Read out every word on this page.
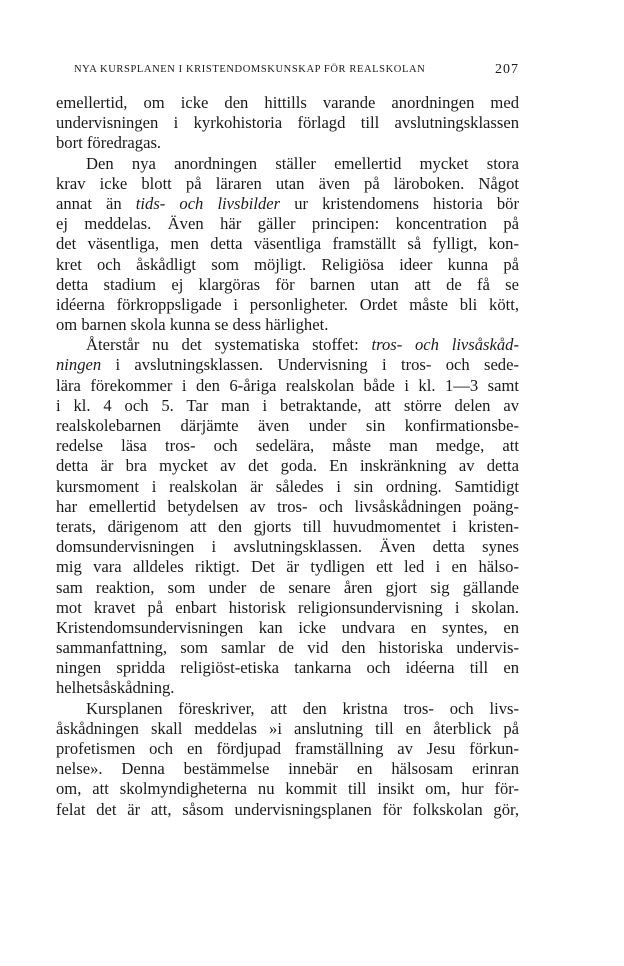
NYA KURSPLANEN I KRISTENDOMSKUNSKAP FÖR REALSKOLAN	207
emellertid, om icke den hittills varande anordningen med
undervisningen i kyrkohistoria förlagd till avslutningsklassen
bort föredragas.
Den nya anordningen ställer emellertid mycket stora
krav icke blott på läraren utan även på läroboken. Något
annat än tids- och livsbilder ur kristendomens historia bör
ej meddelas. Även här gäller principen: koncentration på
det väsentliga, men detta väsentliga framställt så fylligt, kon-
kret och åskådligt som möjligt. Religiösa ideer kunna på
detta stadium ej klargöras för barnen utan att de få se
idéerna förkroppsligade i personligheter. Ordet måste bli kött,
om barnen skola kunna se dess härlighet.
Återstår nu det systematiska stoffet: tros- och livsåskåd-
ningen i avslutningsklassen. Undervisning i tros- och sede-
lära förekommer i den 6-åriga realskolan både i kl. 1—3 samt
i kl. 4 och 5. Tar man i betraktande, att större delen av
realskolebarnen därjämte även under sin konfirmationsbe-
redelse läsa tros- och sedelära, måste man medge, att
detta är bra mycket av det goda. En inskränkning av detta
kursmoment i realskolan är således i sin ordning. Samtidigt
har emellertid betydelsen av tros- och livsåskådningen poäng-
terats, därigenom att den gjorts till huvudmomentet i kristen-
domsundervisningen i avslutningsklassen. Även detta synes
mig vara alldeles riktigt. Det är tydligen ett led i en hälso-
sam reaktion, som under de senare åren gjort sig gällande
mot kravet på enbart historisk religionsundervisning i skolan.
Kristendomsundervisningen kan icke undvara en syntes, en
sammanfattning, som samlar de vid den historiska undervis-
ningen spridda religiöst-etiska tankarna och idéerna till en
helhetsåskådning.
Kursplanen föreskriver, att den kristna tros- och livs-
åskådningen skall meddelas »i anslutning till en återblick på
profetismen och en fördjupad framställning av Jesu förkun-
nelse». Denna bestämmelse innebär en hälsosam erinran
om, att skolmyndigheterna nu kommit till insikt om, hur för-
felat det är att, såsom undervisningsplanen för folkskolan gör,
